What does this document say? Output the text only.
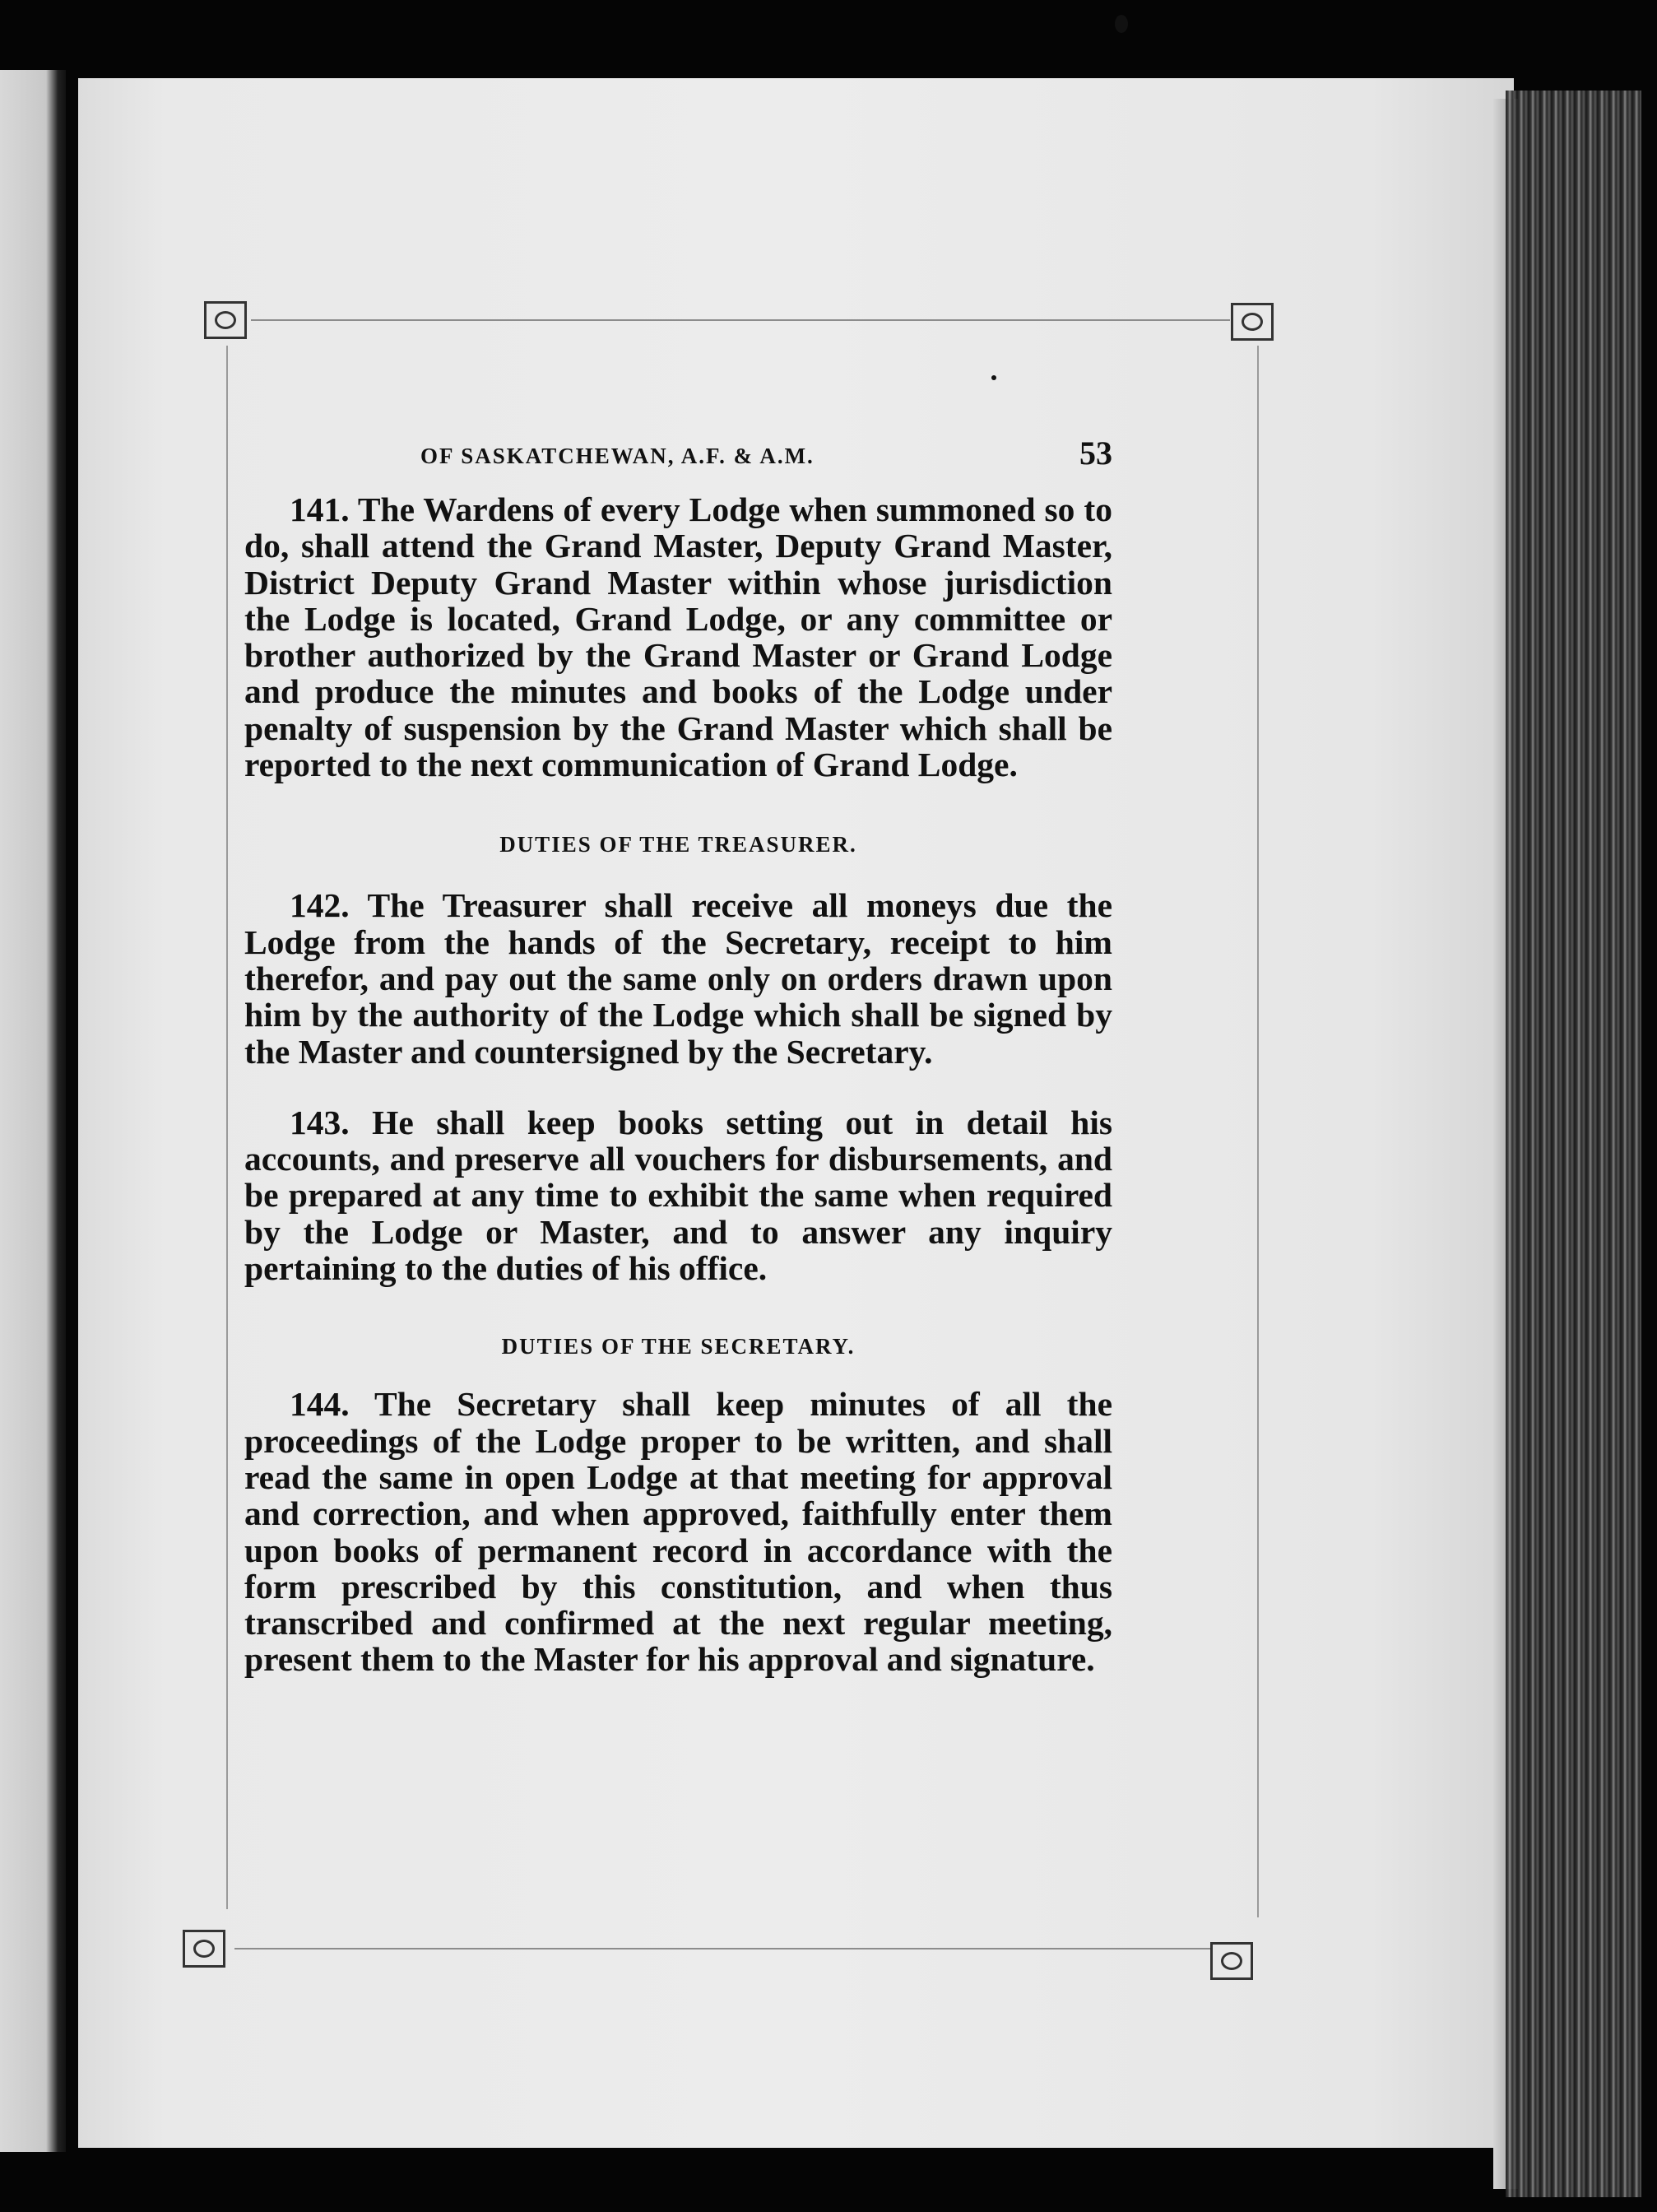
OF SASKATCHEWAN, A.F. & A.M.	53

141. The Wardens of every Lodge when summoned so to do, shall attend the Grand Master, Deputy Grand Master, District Deputy Grand Master within whose jurisdiction the Lodge is located, Grand Lodge, or any committee or brother authorized by the Grand Master or Grand Lodge and produce the minutes and books of the Lodge under penalty of suspension by the Grand Master which shall be reported to the next communication of Grand Lodge.

DUTIES OF THE TREASURER.

142. The Treasurer shall receive all moneys due the Lodge from the hands of the Secretary, receipt to him therefor, and pay out the same only on orders drawn upon him by the authority of the Lodge which shall be signed by the Master and countersigned by the Secretary.

143. He shall keep books setting out in detail his accounts, and preserve all vouchers for disbursements, and be prepared at any time to exhibit the same when required by the Lodge or Master, and to answer any inquiry pertaining to the duties of his office.

DUTIES OF THE SECRETARY.

144. The Secretary shall keep minutes of all the proceedings of the Lodge proper to be written, and shall read the same in open Lodge at that meeting for approval and correction, and when approved, faithfully enter them upon books of permanent record in accordance with the form prescribed by this constitution, and when thus transcribed and confirmed at the next regular meeting, present them to the Master for his approval and signature.
